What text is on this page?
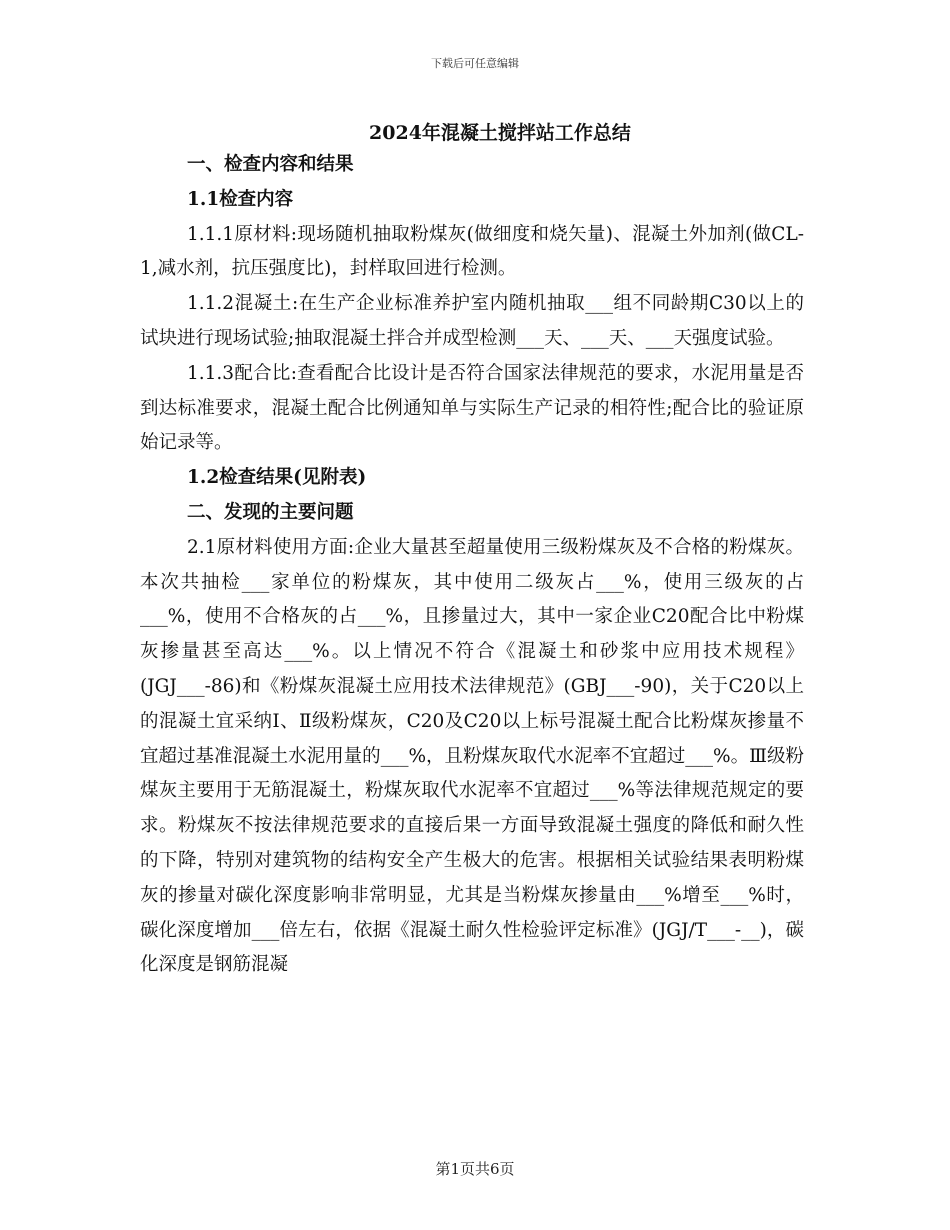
下载后可任意编辑
2024年混凝土搅拌站工作总结
一、检查内容和结果
1.1检查内容

1.1.1原材料:现场随机抽取粉煤灰(做细度和烧矢量)、混凝土外加剂(做CL-1,减水剂，抗压强度比)，封样取回进行检测。

1.1.2混凝土:在生产企业标准养护室内随机抽取___组不同龄期C30以上的试块进行现场试验;抽取混凝土拌合并成型检测___天、___天、___天强度试验。

1.1.3配合比:查看配合比设计是否符合国家法律规范的要求，水泥用量是否到达标准要求，混凝土配合比例通知单与实际生产记录的相符性;配合比的验证原始记录等。

1.2检查结果(见附表)
二、发现的主要问题

2.1原材料使用方面:企业大量甚至超量使用三级粉煤灰及不合格的粉煤灰。本次共抽检___家单位的粉煤灰，其中使用二级灰占___%，使用三级灰的占___%，使用不合格灰的占___%，且掺量过大，其中一家企业C20配合比中粉煤灰掺量甚至高达___%。以上情况不符合《混凝土和砂浆中应用技术规程》(JGJ___-86)和《粉煤灰混凝土应用技术法律规范》(GBJ___-90)，关于C20以上的混凝土宜采纳Ⅰ、Ⅱ级粉煤灰，C20及C20以上标号混凝土配合比粉煤灰掺量不宜超过基准混凝土水泥用量的___%，且粉煤灰取代水泥率不宜超过___%。Ⅲ级粉煤灰主要用于无筋混凝土，粉煤灰取代水泥率不宜超过___%等法律规范规定的要求。粉煤灰不按法律规范要求的直接后果一方面导致混凝土强度的降低和耐久性的下降，特别对建筑物的结构安全产生极大的危害。根据相关试验结果表明粉煤灰的掺量对碳化深度影响非常明显，尤其是当粉煤灰掺量由___%增至___%时，碳化深度增加___倍左右，依据《混凝土耐久性检验评定标准》(JGJ/T___-__)，碳化深度是钢筋混凝

第1页共6页
